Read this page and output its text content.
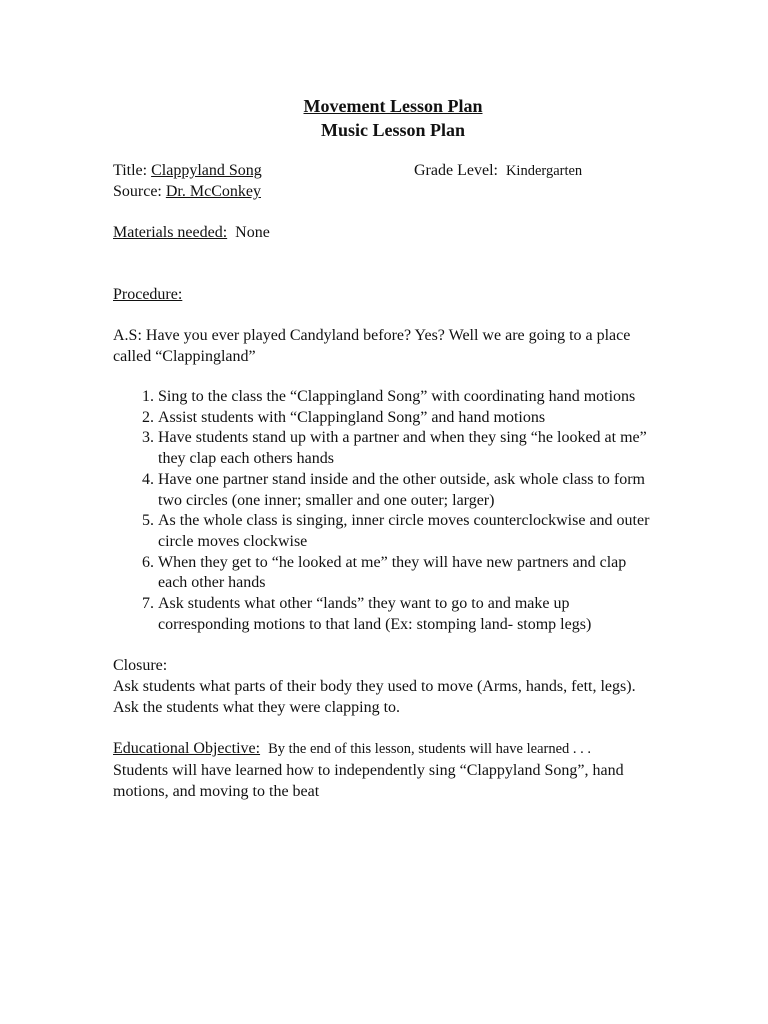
Movement Lesson Plan
Music Lesson Plan
Title: Clappyland Song	Grade Level: Kindergarten
Source: Dr. McConkey
Materials needed: None
Procedure:
A.S: Have you ever played Candyland before? Yes? Well we are going to a place called “Clappingland”
1. Sing to the class the “Clappingland Song” with coordinating hand motions
2. Assist students with “Clappingland Song” and hand motions
3. Have students stand up with a partner and when they sing “he looked at me” they clap each others hands
4. Have one partner stand inside and the other outside, ask whole class to form two circles (one inner; smaller and one outer; larger)
5. As the whole class is singing, inner circle moves counterclockwise and outer circle moves clockwise
6. When they get to “he looked at me” they will have new partners and clap each other hands
7. Ask students what other “lands” they want to go to and make up corresponding motions to that land (Ex: stomping land- stomp legs)
Closure:
Ask students what parts of their body they used to move (Arms, hands, fett, legs). Ask the students what they were clapping to.
Educational Objective: By the end of this lesson, students will have learned . . .
Students will have learned how to independently sing “Clappyland Song”, hand motions, and moving to the beat
